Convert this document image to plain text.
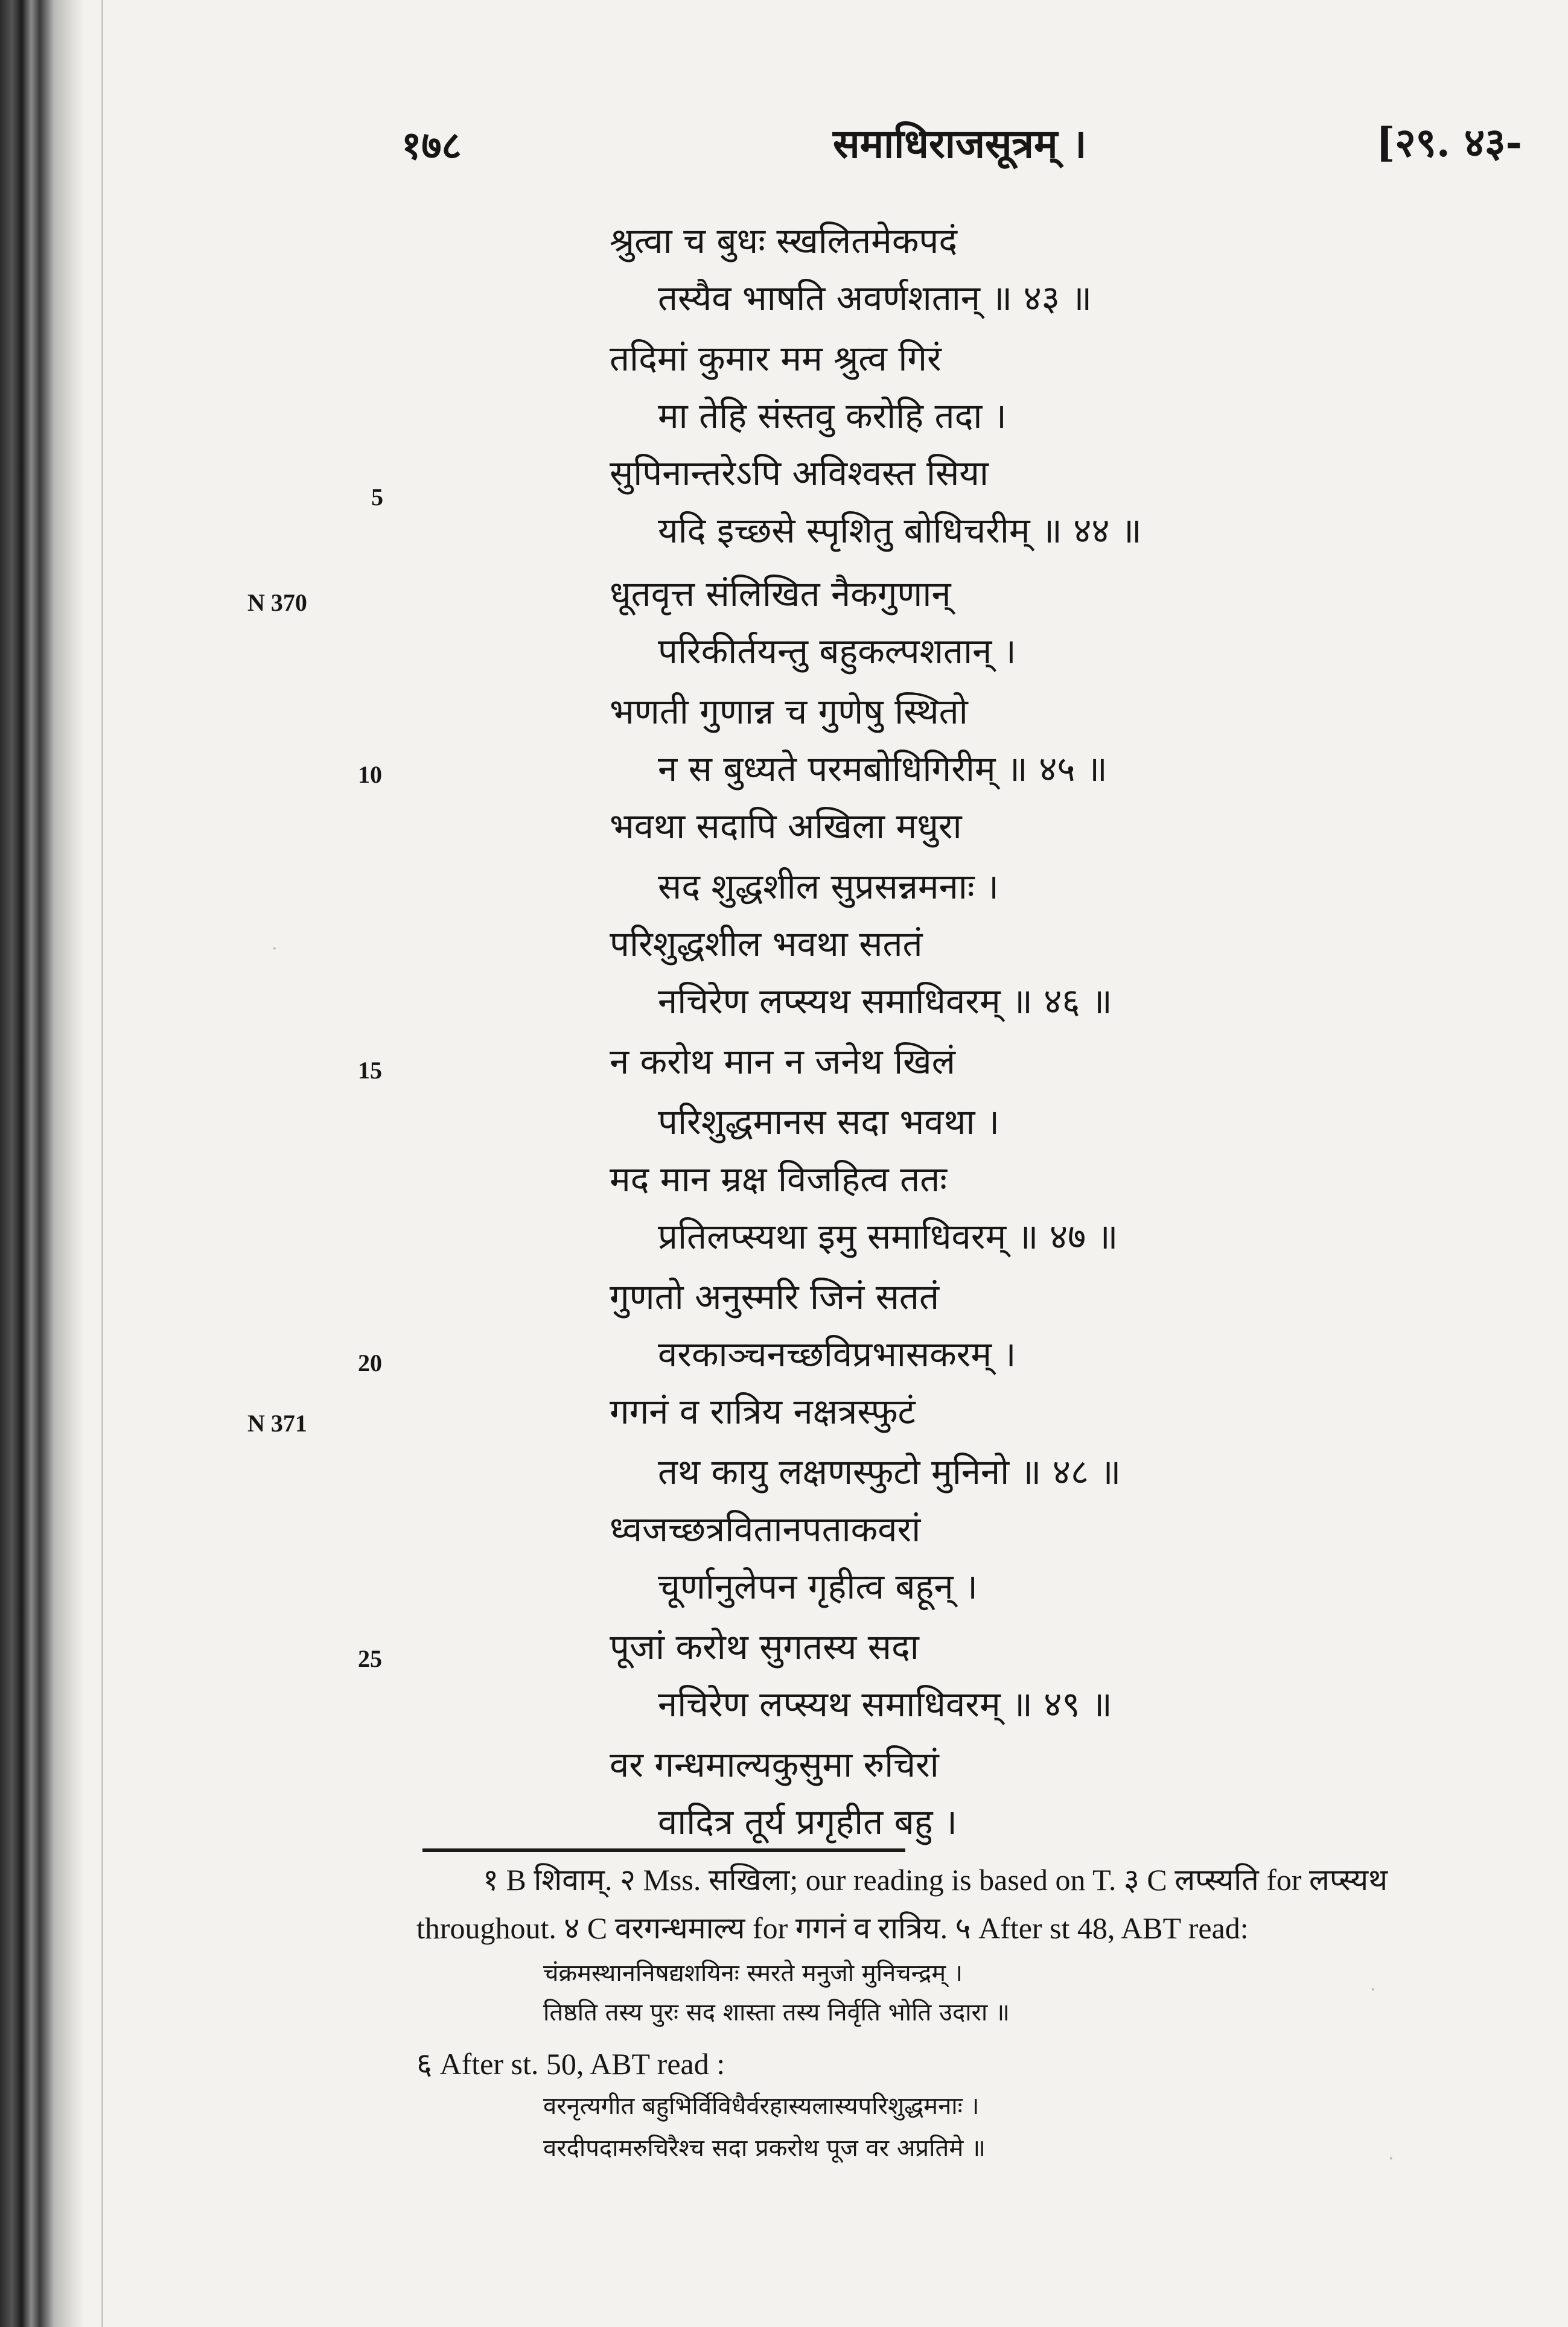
१७८	समाधिराजसूत्रम् ।	[२९. ४३-
श्रुत्वा च बुधः स्खलितमेकपदं
तस्यैव भाषति अवर्णशतान् ॥ ४३ ॥
तदिमां कुमार मम श्रुत्व गिरं
मा तेहि संस्तवु करोहि तदा ।
सुपिनान्तरेऽपि अविश्वस्त सिया
यदि इच्छसे स्पृशितु बोधिचरीम् ॥ ४४ ॥
धूतवृत्त संलिखित नैकगुणान्
परिकीर्तयन्तु बहुकल्पशतान् ।
भणती गुणान्न च गुणेषु स्थितो
न स बुध्यते परमबोधिगिरीम् ॥ ४५ ॥
भवथा सदापि अखिला मधुरा
सद शुद्धशील सुप्रसन्नमनाः ।
परिशुद्धशील भवथा सततं
नचिरेण लप्स्यथ समाधिवरम् ॥ ४६ ॥
न करोथ मान न जनेथ खिलं
परिशुद्धमानस सदा भवथा ।
मद मान म्रक्ष विजहित्व ततः
प्रतिलप्स्यथा इमु समाधिवरम् ॥ ४७ ॥
गुणतो अनुस्मरि जिनं सततं
वरकाञ्चनच्छविप्रभासकरम् ।
गगनं व रात्रिय नक्षत्रस्फुटं
तथ कायु लक्षणस्फुटो मुनिनो ॥ ४८ ॥
ध्वजच्छत्रवितानपताकवरां
चूर्णानुलेपन गृहीत्व बहून् ।
पूजां करोथ सुगतस्य सदा
नचिरेण लप्स्यथ समाधिवरम् ॥ ४९ ॥
वर गन्धमाल्यकुसुमा रुचिरां
वादित्र तूर्य प्रगृहीत बहु ।
5
10
15
20
25
N 370
N 371
१ B शिवाम्. २ Mss. सखिला; our reading is based on T. ३ C लप्स्यति for लप्स्यथ
throughout. ४ C वरगन्धमाल्य for गगनं व रात्रिय. ५ After st 48, ABT read:
चंक्रमस्थाननिषद्यशयिनः स्मरते मनुजो मुनिचन्द्रम् ।
तिष्ठति तस्य पुरः सद शास्ता तस्य निर्वृति भोति उदारा ॥
६ After st. 50, ABT read :
वरनृत्यगीत बहुभिर्विविधैर्वरहास्यलास्यपरिशुद्धमनाः ।
वरदीपदामरुचिरैश्च सदा प्रकरोथ पूज वर अप्रतिमे ॥
·
·
·
